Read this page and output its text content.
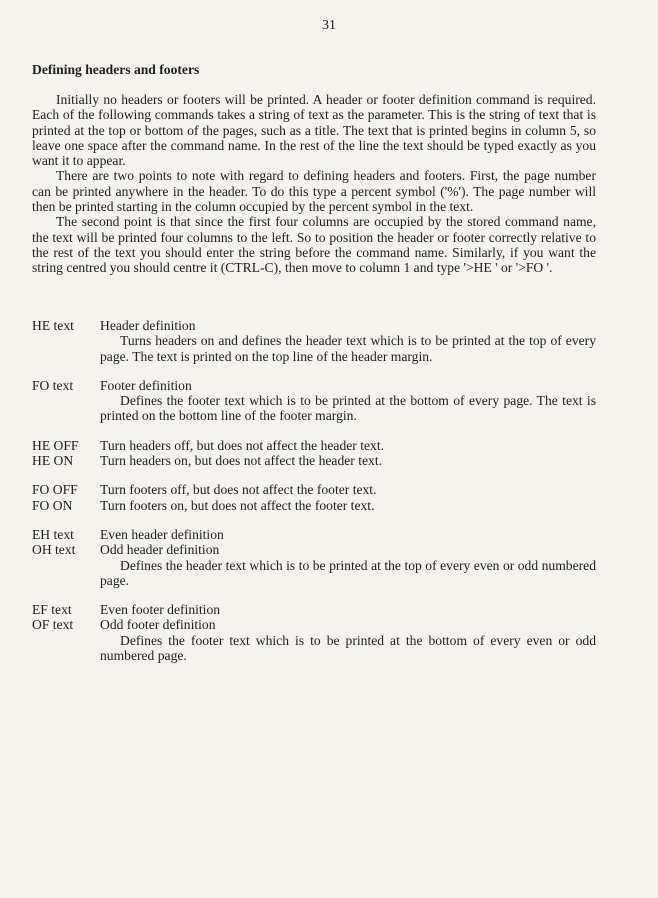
31
Defining headers and footers

Initially no headers or footers will be printed. A header or footer definition command is required. Each of the following commands takes a string of text as the parameter. This is the string of text that is printed at the top or bottom of the pages, such as a title. The text that is printed begins in column 5, so leave one space after the command name. In the rest of the line the text should be typed exactly as you want it to appear.

There are two points to note with regard to defining headers and footers. First, the page number can be printed anywhere in the header. To do this type a percent symbol ('%'). The page number will then be printed starting in the column occupied by the percent symbol in the text.

The second point is that since the first four columns are occupied by the stored command name, the text will be printed four columns to the left. So to position the header or footer correctly relative to the rest of the text you should enter the string before the command name. Similarly, if you want the string centred you should centre it (CTRL-C), then move to column 1 and type '>HE ' or '>FO '.

HE text	Header definition

Turns headers on and defines the header text which is to be printed at the top of every page. The text is printed on the top line of the header margin.

FO text	Footer definition

Defines the footer text which is to be printed at the bottom of every page. The text is printed on the bottom line of the footer margin.

HE OFF	Turn headers off, but does not affect the header text.
HE ON	Turn headers on, but does not affect the header text.
FO OFF	Turn footers off, but does not affect the footer text.
FO ON	Turn footers on, but does not affect the footer text.
EH text	Even header definition
OH text	Odd header definition

Defines the header text which is to be printed at the top of every even or odd numbered page.

EF text	Even footer definition
OF text	Odd footer definition

Defines the footer text which is to be printed at the bottom of every even or odd numbered page.
